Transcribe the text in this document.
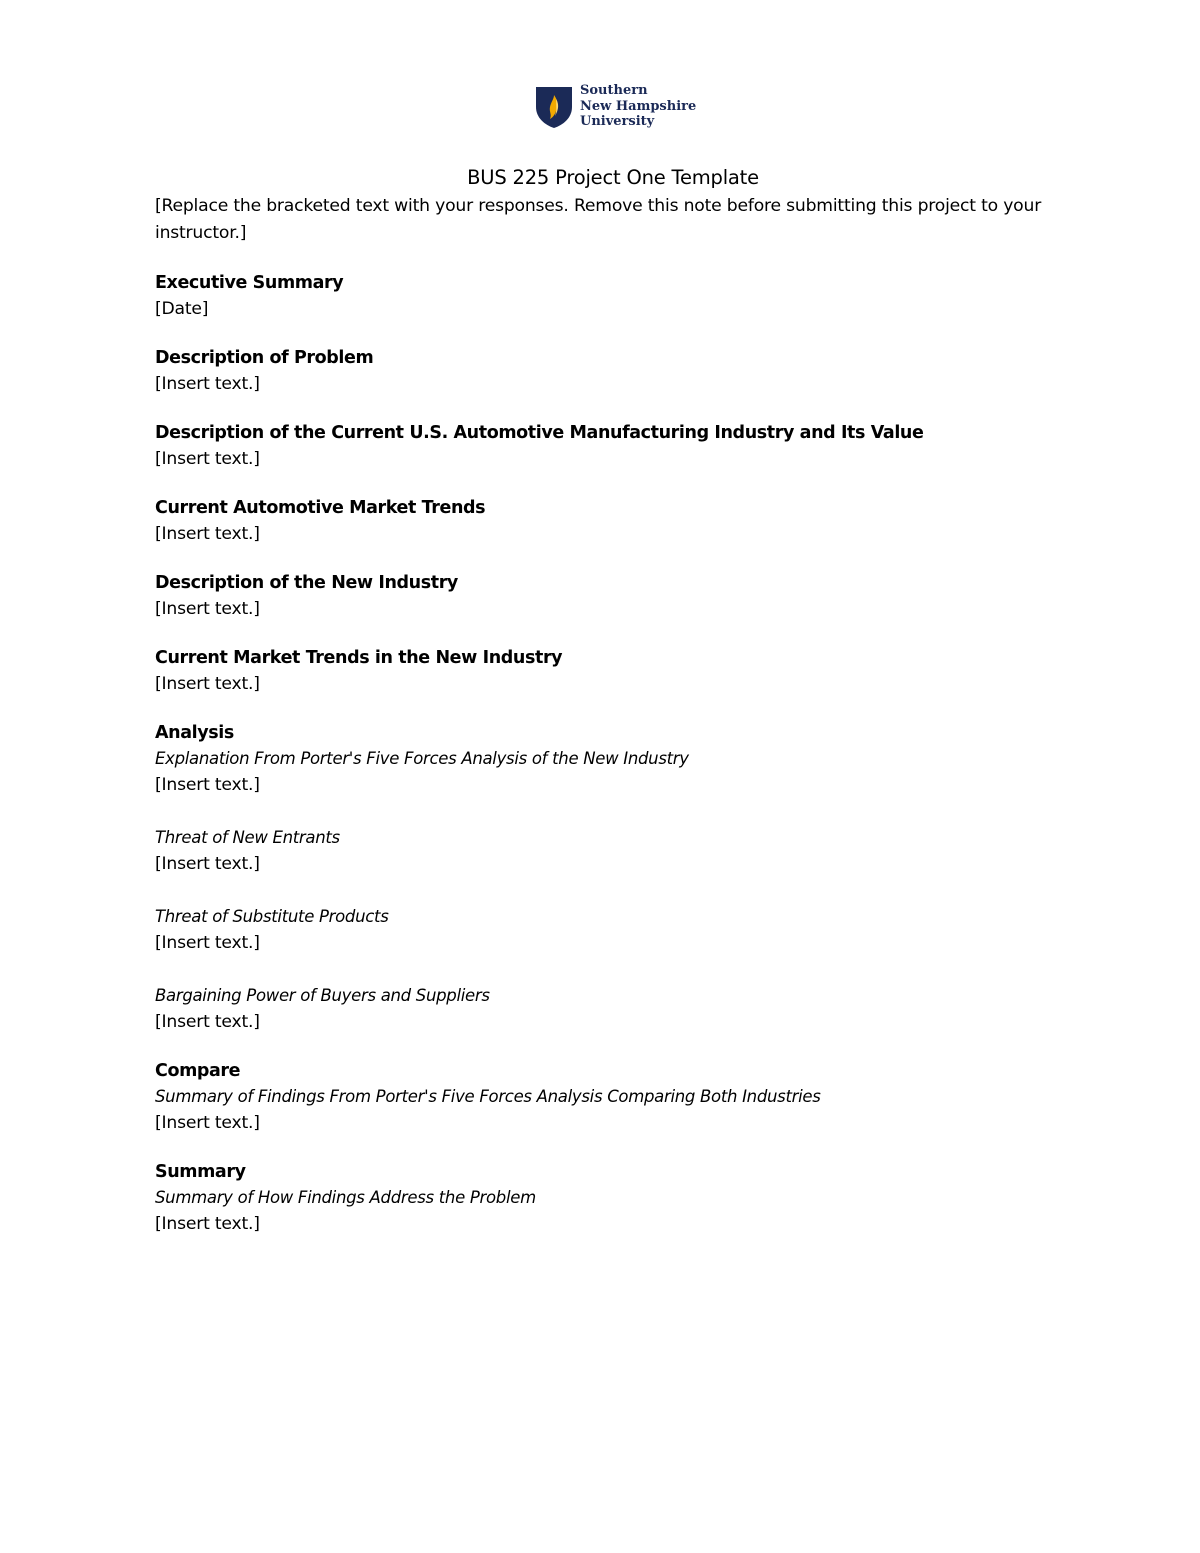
Southern
New Hampshire
University
BUS 225 Project One Template

[Replace the bracketed text with your responses. Remove this note before submitting this project to your instructor.]

Executive Summary

[Date]

Description of Problem

[Insert text.]

Description of the Current U.S. Automotive Manufacturing Industry and Its Value

[Insert text.]

Current Automotive Market Trends

[Insert text.]

Description of the New Industry

[Insert text.]

Current Market Trends in the New Industry

[Insert text.]

Analysis

Explanation From Porter's Five Forces Analysis of the New Industry

[Insert text.]

Threat of New Entrants

[Insert text.]

Threat of Substitute Products

[Insert text.]

Bargaining Power of Buyers and Suppliers

[Insert text.]

Compare

Summary of Findings From Porter's Five Forces Analysis Comparing Both Industries

[Insert text.]

Summary

Summary of How Findings Address the Problem

[Insert text.]
